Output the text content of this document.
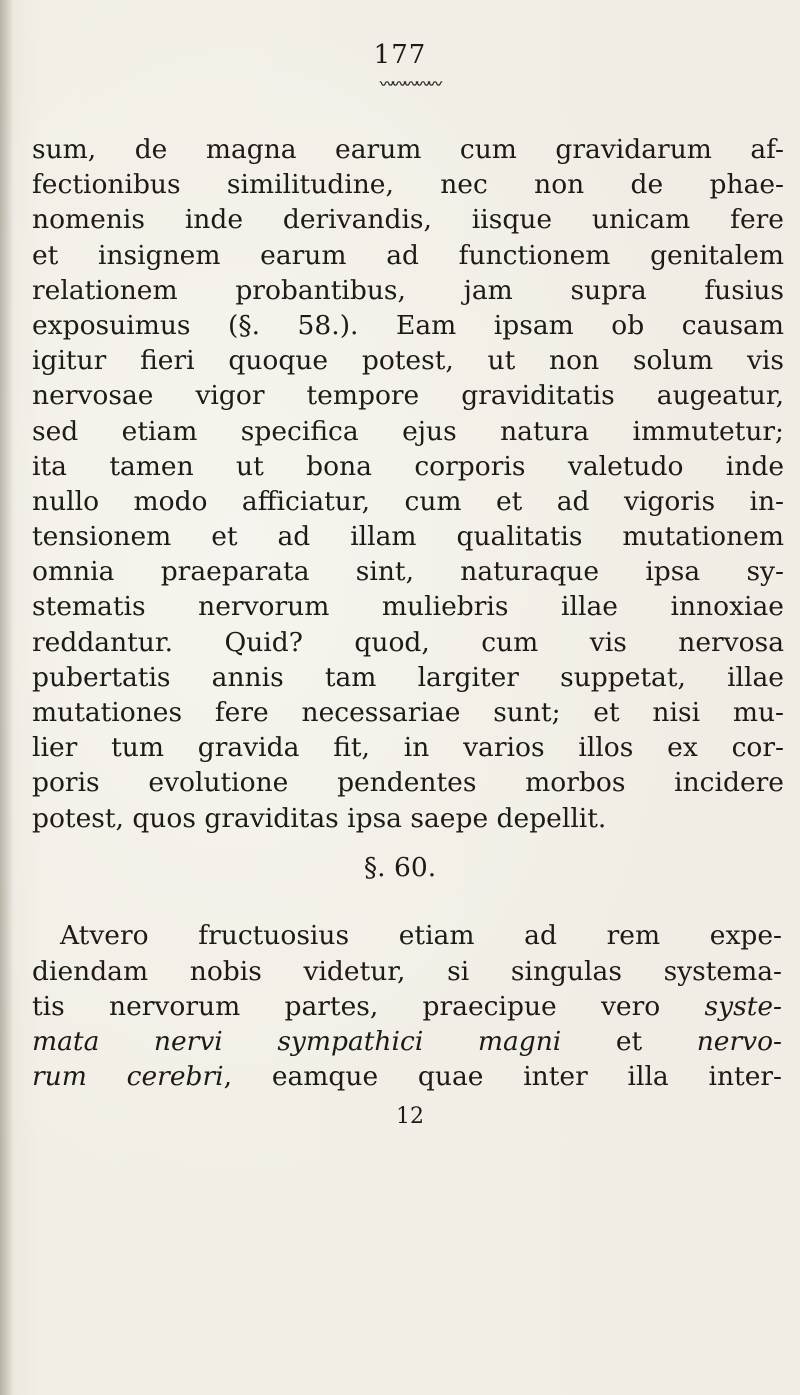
177
〰〰〰〰〰
sum, de magna earum cum gravidarum af-
fectionibus similitudine, nec non de phae-
nomenis inde derivandis, iisque unicam fere
et insignem earum ad functionem genitalem
relationem probantibus, jam supra fusius
exposuimus (§. 58.). Eam ipsam ob causam
igitur fieri quoque potest, ut non solum vis
nervosae vigor tempore graviditatis augeatur,
sed etiam specifica ejus natura immutetur;
ita tamen ut bona corporis valetudo inde
nullo modo afficiatur, cum et ad vigoris in-
tensionem et ad illam qualitatis mutationem
omnia praeparata sint, naturaque ipsa sy-
stematis nervorum muliebris illae innoxiae
reddantur. Quid? quod, cum vis nervosa
pubertatis annis tam largiter suppetat, illae
mutationes fere necessariae sunt; et nisi mu-
lier tum gravida fit, in varios illos ex cor-
poris evolutione pendentes morbos incidere
potest, quos graviditas ipsa saepe depellit.
§. 60.
Atvero fructuosius etiam ad rem expe-
diendam nobis videtur, si singulas systema-
tis nervorum partes, praecipue vero syste-
mata nervi sympathici magni et nervo-
rum cerebri, eamque quae inter illa inter-
12
